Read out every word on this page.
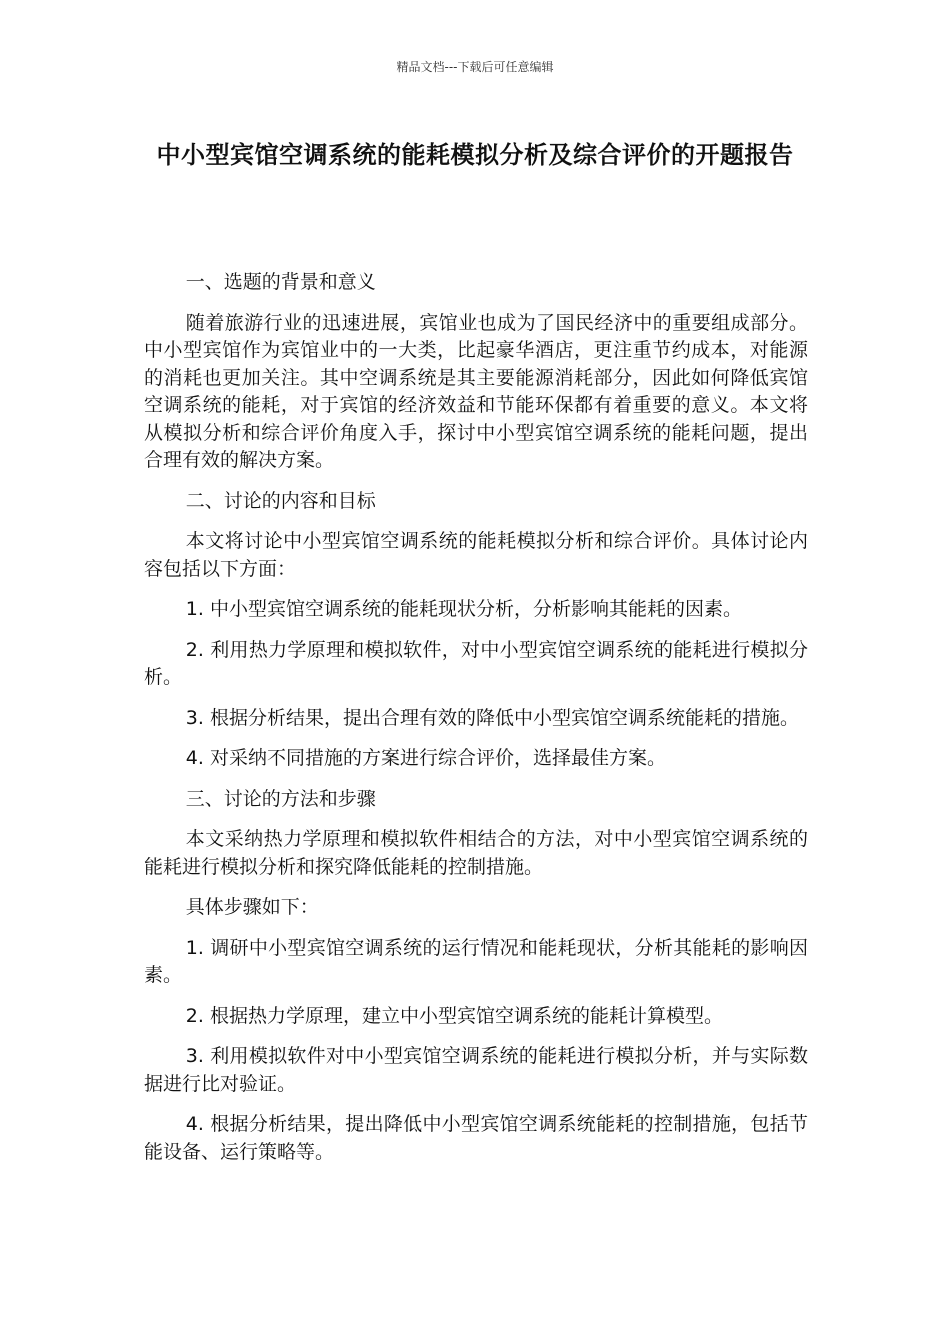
精品文档---下载后可任意编辑
中小型宾馆空调系统的能耗模拟分析及综合评价的开题报告

一、选题的背景和意义

随着旅游行业的迅速进展，宾馆业也成为了国民经济中的重要组成部分。中小型宾馆作为宾馆业中的一大类，比起豪华酒店，更注重节约成本，对能源的消耗也更加关注。其中空调系统是其主要能源消耗部分，因此如何降低宾馆空调系统的能耗，对于宾馆的经济效益和节能环保都有着重要的意义。本文将从模拟分析和综合评价角度入手，探讨中小型宾馆空调系统的能耗问题，提出合理有效的解决方案。

二、讨论的内容和目标

本文将讨论中小型宾馆空调系统的能耗模拟分析和综合评价。具体讨论内容包括以下方面：

1. 中小型宾馆空调系统的能耗现状分析，分析影响其能耗的因素。

2. 利用热力学原理和模拟软件，对中小型宾馆空调系统的能耗进行模拟分析。

3. 根据分析结果，提出合理有效的降低中小型宾馆空调系统能耗的措施。

4. 对采纳不同措施的方案进行综合评价，选择最佳方案。

三、讨论的方法和步骤

本文采纳热力学原理和模拟软件相结合的方法，对中小型宾馆空调系统的能耗进行模拟分析和探究降低能耗的控制措施。

具体步骤如下：

1. 调研中小型宾馆空调系统的运行情况和能耗现状，分析其能耗的影响因素。

2. 根据热力学原理，建立中小型宾馆空调系统的能耗计算模型。

3. 利用模拟软件对中小型宾馆空调系统的能耗进行模拟分析，并与实际数据进行比对验证。

4. 根据分析结果，提出降低中小型宾馆空调系统能耗的控制措施，包括节能设备、运行策略等。
